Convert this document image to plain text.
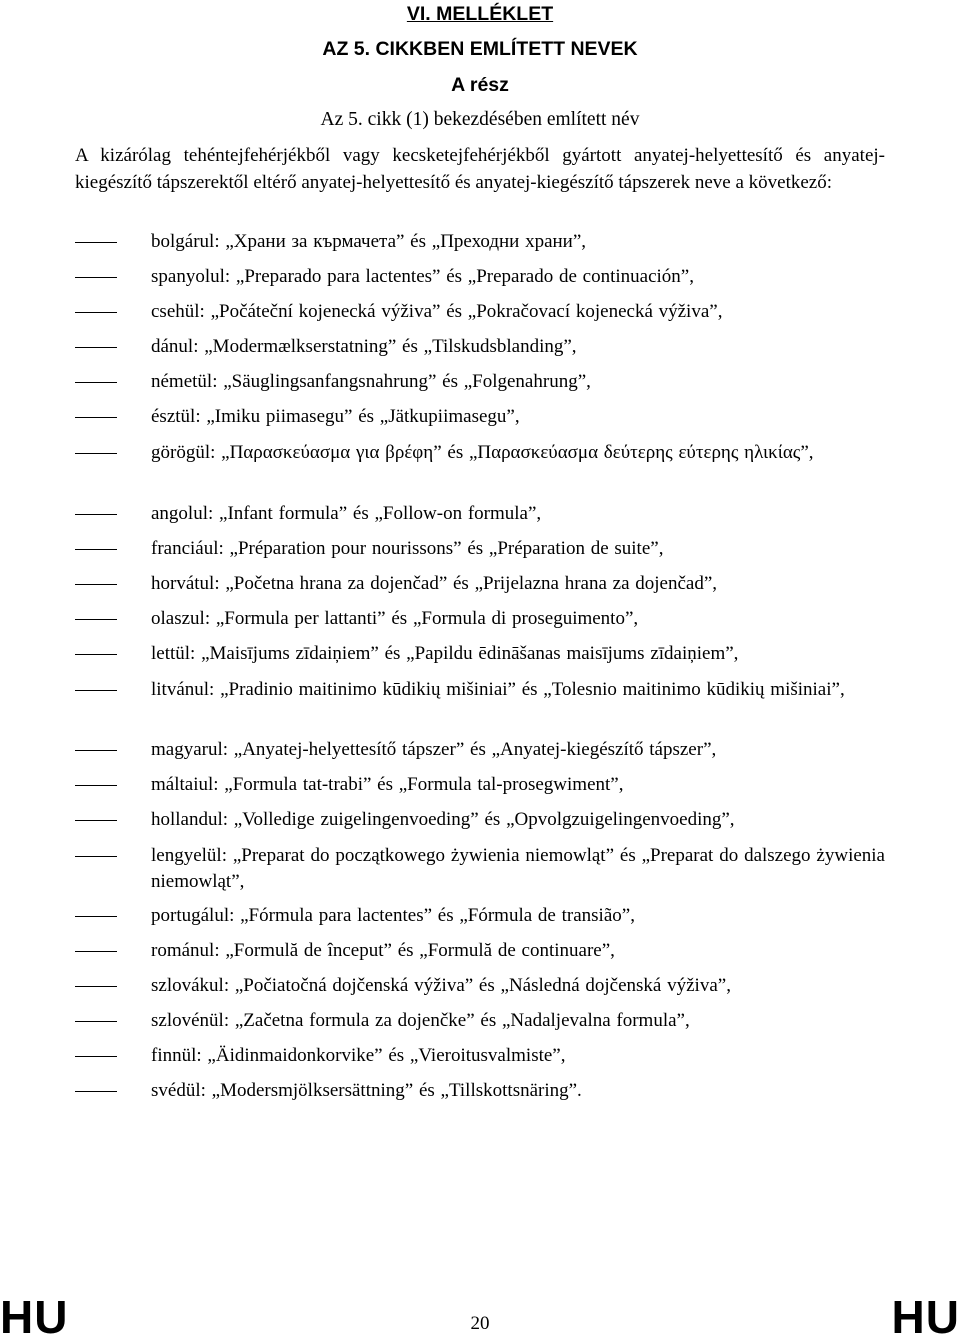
VI. MELLÉKLET
AZ 5. CIKKBEN EMLÍTETT NEVEK
A rész
Az 5. cikk (1) bekezdésében említett név
A kizárólag tehéntejfehérjékből vagy kecsketejfehérjékből gyártott anyatej-helyettesítő és anyatej-kiegészítő tápszerektől eltérő anyatej-helyettesítő és anyatej-kiegészítő tápszerek neve a következő:
bolgárul: „Храни за кърмачета” és „Преходни храни”,
spanyolul: „Preparado para lactentes” és „Preparado de continuación”,
csehül: „Počáteční kojenecká výživa” és „Pokračovací kojenecká výživa”,
dánul: „Modermælkserstatning” és „Tilskudsblanding”,
németül: „Säuglingsanfangsnahrung” és „Folgenahrung”,
észtül: „Imiku piimasegu” és „Jätkupiimasegu”,
görögül: „Παρασκεύασμα για βρέφη” és „Παρασκεύασμα δεύτερης εύτερης ηλικίας”,
angolul: „Infant formula” és „Follow-on formula”,
franciául: „Préparation pour nourissons” és „Préparation de suite”,
horvátul: „Početna hrana za dojenčad” és „Prijelazna hrana za dojenčad”,
olaszul: „Formula per lattanti” és „Formula di proseguimento”,
lettül: „Maisījums zīdaiņiem” és „Papildu ēdināšanas maisījums zīdaiņiem”,
litvánul: „Pradinio maitinimo kūdikių mišiniai” és „Tolesnio maitinimo kūdikių mišiniai”,
magyarul: „Anyatej-helyettesítő tápszer” és „Anyatej-kiegészítő tápszer”,
máltaiul: „Formula tat-trabi” és „Formula tal-prosegwiment”,
hollandul: „Volledige zuigelingenvoeding” és „Opvolgzuigelingenvoeding”,
lengyelül: „Preparat do początkowego żywienia niemowląt” és „Preparat do dalszego żywienia niemowląt”,
portugálul: „Fórmula para lactentes” és „Fórmula de transião”,
románul: „Formulă de început” és „Formulă de continuare”,
szlovákul: „Počiatočná dojčenská výživa” és „Následná dojčenská výživa”,
szlovénül: „Začetna formula za dojenčke” és „Nadaljevalna formula”,
finnül: „Äidinmaidonkorvike” és „Vieroitusvalmiste”,
svédül: „Modersmjölksersättning” és „Tillskottsnäring”.
HU	20	HU
